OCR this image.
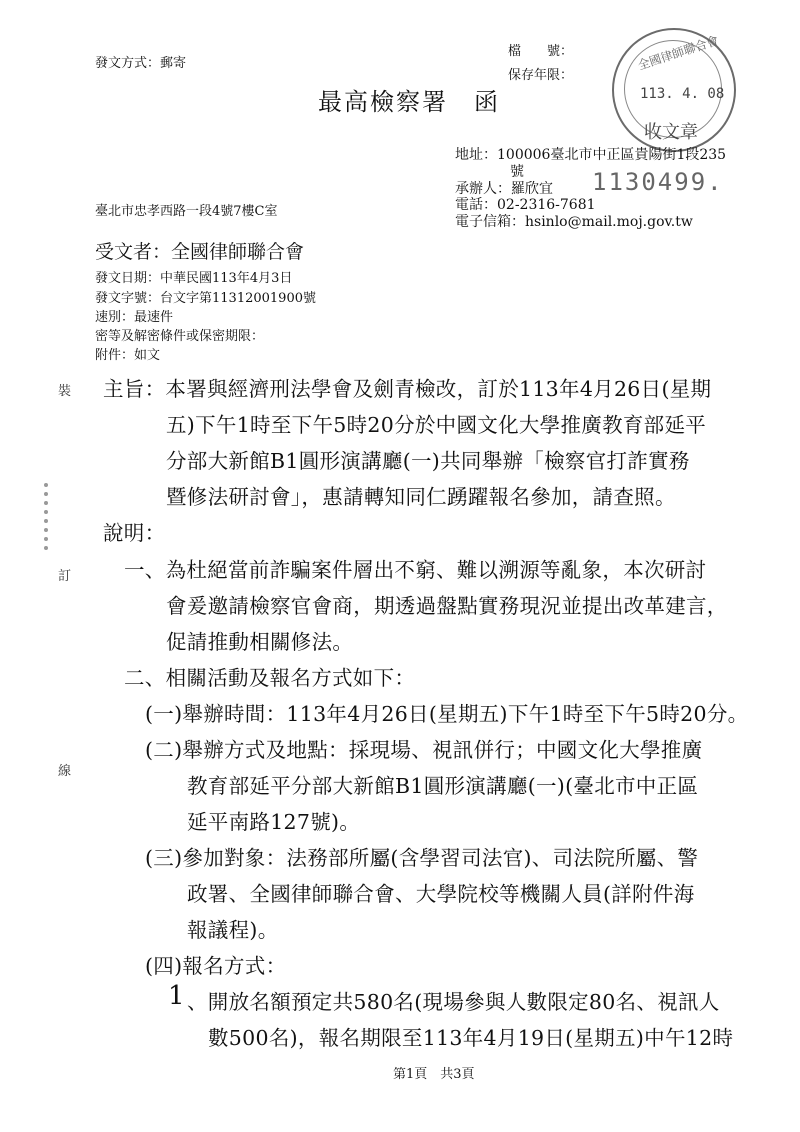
發文方式：郵寄
檔　　號：
保存年限：
最高檢察署　函
全國律師聯合會
113. 4. 08
收文章
地址：100006臺北市中正區貴陽街1段235
號
承辦人：羅欣宜 1130499.
電話：02-2316-7681
電子信箱：hsinlo@mail.moj.gov.tw
臺北市忠孝西路一段4號7樓C室
受文者：全國律師聯合會
發文日期：中華民國113年4月3日
發文字號：台文字第11312001900號
速別：最速件
密等及解密條件或保密期限：
附件：如文
裝
訂
線
主旨：本署與經濟刑法學會及劍青檢改，訂於113年4月26日(星期
五)下午1時至下午5時20分於中國文化大學推廣教育部延平
分部大新館B1圓形演講廳(一)共同舉辦「檢察官打詐實務
暨修法研討會」，惠請轉知同仁踴躍報名參加，請查照。
說明：
一、為杜絕當前詐騙案件層出不窮、難以溯源等亂象，本次研討
會爰邀請檢察官會商，期透過盤點實務現況並提出改革建言，
促請推動相關修法。
二、相關活動及報名方式如下：
(一)舉辦時間：113年4月26日(星期五)下午1時至下午5時20分。
(二)舉辦方式及地點：採現場、視訊併行；中國文化大學推廣
教育部延平分部大新館B1圓形演講廳(一)(臺北市中正區
延平南路127號)。
(三)參加對象：法務部所屬(含學習司法官)、司法院所屬、警
政署、全國律師聯合會、大學院校等機關人員(詳附件海
報議程)。
(四)報名方式：
1 、開放名額預定共580名(現場參與人數限定80名、視訊人
數500名)，報名期限至113年4月19日(星期五)中午12時
第1頁　共3頁
